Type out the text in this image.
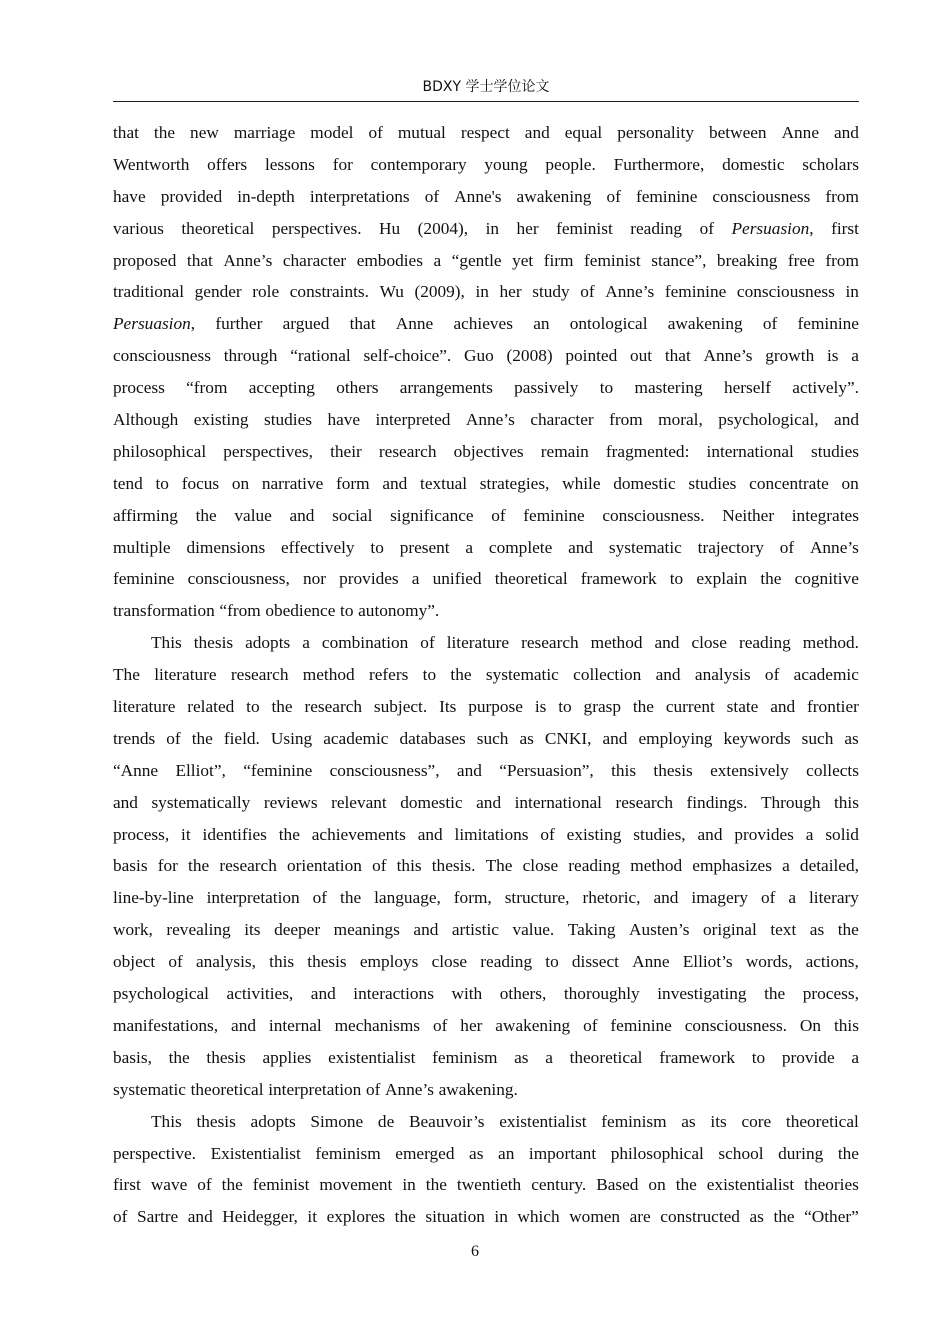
BDXY 学士学位论文
that the new marriage model of mutual respect and equal personality between Anne and
Wentworth offers lessons for contemporary young people. Furthermore, domestic scholars
have provided in-depth interpretations of Anne's awakening of feminine consciousness from
various theoretical perspectives. Hu (2004), in her feminist reading of Persuasion, first
proposed that Anne’s character embodies a “gentle yet firm feminist stance”, breaking free from
traditional gender role constraints. Wu (2009), in her study of Anne’s feminine consciousness in
Persuasion, further argued that Anne achieves an ontological awakening of feminine
consciousness through “rational self-choice”. Guo (2008) pointed out that Anne’s growth is a
process “from accepting others arrangements passively to mastering herself actively”.
Although existing studies have interpreted Anne’s character from moral, psychological, and
philosophical perspectives, their research objectives remain fragmented: international studies
tend to focus on narrative form and textual strategies, while domestic studies concentrate on
affirming the value and social significance of feminine consciousness. Neither integrates
multiple dimensions effectively to present a complete and systematic trajectory of Anne’s
feminine consciousness, nor provides a unified theoretical framework to explain the cognitive
transformation “from obedience to autonomy”.
This thesis adopts a combination of literature research method and close reading method.
The literature research method refers to the systematic collection and analysis of academic
literature related to the research subject. Its purpose is to grasp the current state and frontier
trends of the field. Using academic databases such as CNKI, and employing keywords such as
“Anne Elliot”, “feminine consciousness”, and “Persuasion”, this thesis extensively collects
and systematically reviews relevant domestic and international research findings. Through this
process, it identifies the achievements and limitations of existing studies, and provides a solid
basis for the research orientation of this thesis. The close reading method emphasizes a detailed,
line-by-line interpretation of the language, form, structure, rhetoric, and imagery of a literary
work, revealing its deeper meanings and artistic value. Taking Austen’s original text as the
object of analysis, this thesis employs close reading to dissect Anne Elliot’s words, actions,
psychological activities, and interactions with others, thoroughly investigating the process,
manifestations, and internal mechanisms of her awakening of feminine consciousness. On this
basis, the thesis applies existentialist feminism as a theoretical framework to provide a
systematic theoretical interpretation of Anne’s awakening.
This thesis adopts Simone de Beauvoir’s existentialist feminism as its core theoretical
perspective. Existentialist feminism emerged as an important philosophical school during the
first wave of the feminist movement in the twentieth century. Based on the existentialist theories
of Sartre and Heidegger, it explores the situation in which women are constructed as the “Other”
6
